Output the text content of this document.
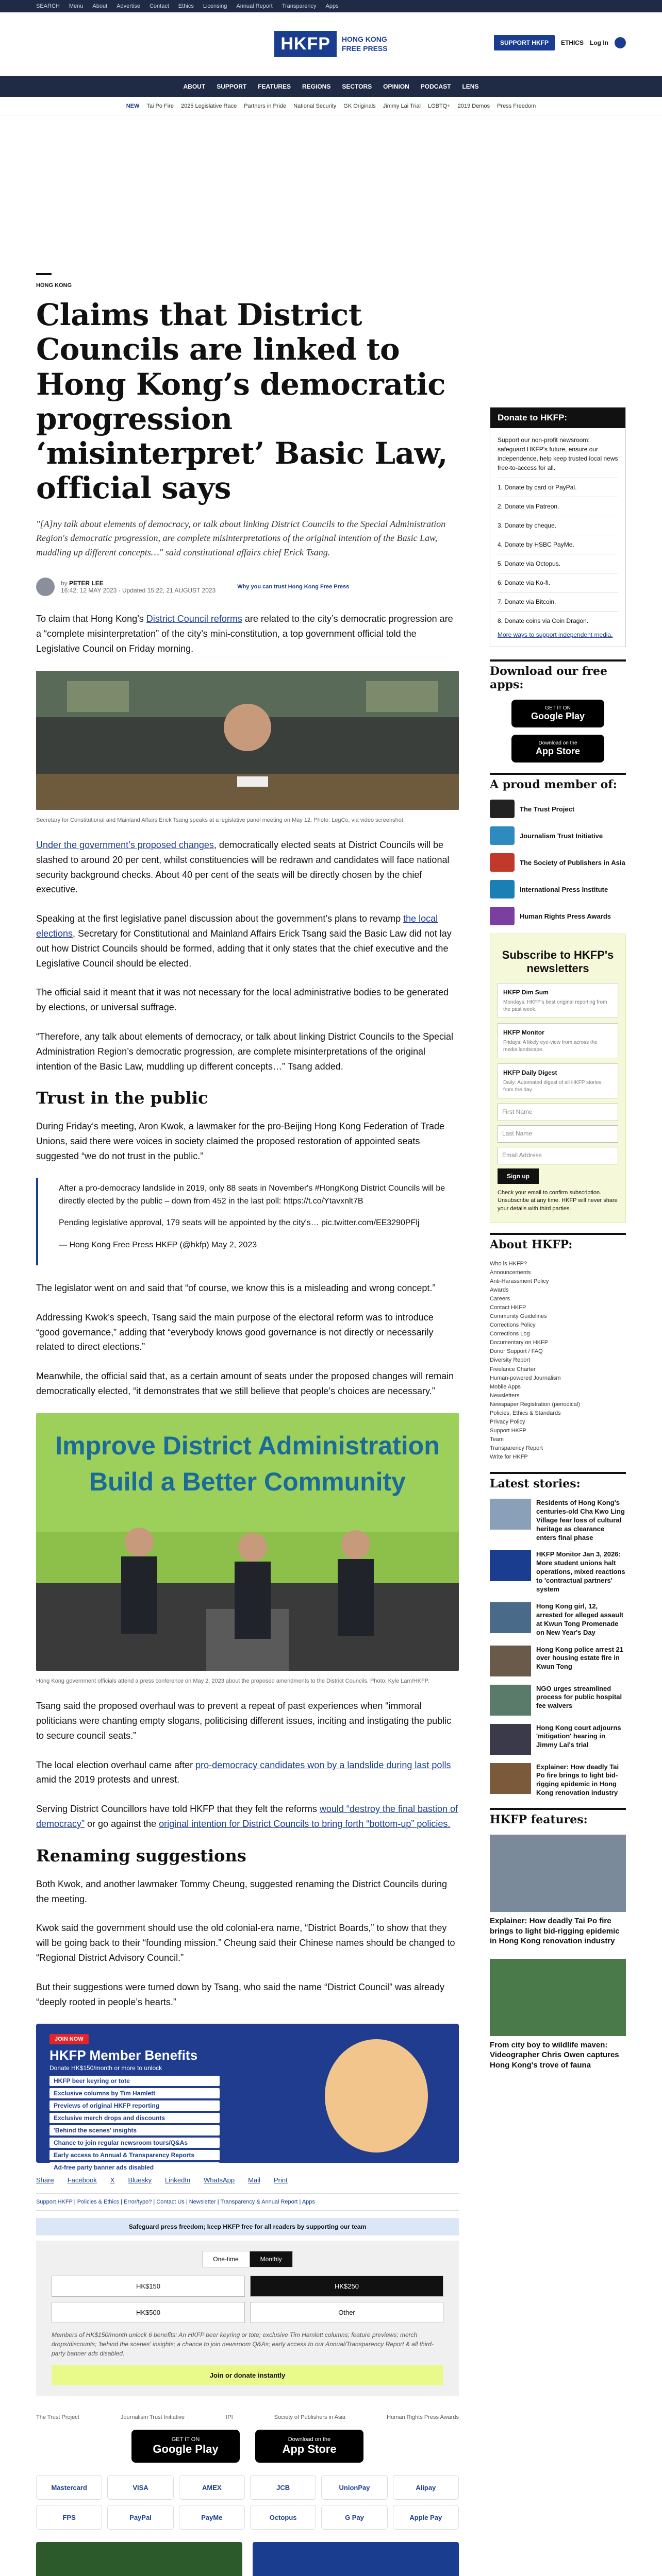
SEARCH Menu About Advertise Contact Ethics Licensing Annual Report Transparency Apps
HKFP	HONG KONG
FREE PRESS
SUPPORT HKFP	ETHICS Log In
ABOUT SUPPORT FEATURES REGIONS SECTORS OPINION PODCAST LENS
NEW Tai Po Fire 2025 Legislative Race Partners in Pride National Security GK Originals Jimmy Lai Trial LGBTQ+ 2019 Demos Press Freedom
HONG KONG
Claims that District Councils are linked to Hong Kong’s democratic progression ‘misinterpret’ Basic Law, official says

"[A]ny talk about elements of democracy, or talk about linking District Councils to the Special Administration Region's democratic progression, are complete misinterpretations of the original intention of the Basic Law, muddling up different concepts…" said constitutional affairs chief Erick Tsang.

by PETER LEE
16:42, 12 MAY 2023 · Updated 15:22, 21 AUGUST 2023	Why you can trust Hong Kong Free Press

To claim that Hong Kong’s District Council reforms are related to the city’s democratic progression are a “complete misinterpretation” of the city’s mini-constitution, a top government official told the Legislative Council on Friday morning.

Secretary for Constitutional and Mainland Affairs Erick Tsang speaks at a legislative panel meeting on May 12. Photo: LegCo, via video screenshot.

Under the government’s proposed changes, democratically elected seats at District Councils will be slashed to around 20 per cent, whilst constituencies will be redrawn and candidates will face national security background checks. About 40 per cent of the seats will be directly chosen by the chief executive.

Speaking at the first legislative panel discussion about the government’s plans to revamp the local elections, Secretary for Constitutional and Mainland Affairs Erick Tsang said the Basic Law did not lay out how District Councils should be formed, adding that it only states that the chief executive and the Legislative Council should be elected.

The official said it meant that it was not necessary for the local administrative bodies to be generated by elections, or universal suffrage.

“Therefore, any talk about elements of democracy, or talk about linking District Councils to the Special Administration Region’s democratic progression, are complete misinterpretations of the original intention of the Basic Law, muddling up different concepts…” Tsang added.

Trust in the public

During Friday’s meeting, Aron Kwok, a lawmaker for the pro-Beijing Hong Kong Federation of Trade Unions, said there were voices in society claimed the proposed restoration of appointed seats suggested “we do not trust in the public.”

After a pro-democracy landslide in 2019, only 88 seats in November's #HongKong District Councils will be directly elected by the public – down from 452 in the last poll: https://t.co/Ytavxnlt7B

Pending legislative approval, 179 seats will be appointed by the city's… pic.twitter.com/EE3290PFlj

— Hong Kong Free Press HKFP (@hkfp) May 2, 2023

The legislator went on and said that “of course, we know this is a misleading and wrong concept.”

Addressing Kwok’s speech, Tsang said the main purpose of the electoral reform was to introduce “good governance,” adding that “everybody knows good governance is not directly or necessarily related to direct elections.”

Meanwhile, the official said that, as a certain amount of seats under the proposed changes will remain democratically elected, “it demonstrates that we still believe that people’s choices are necessary.”

Improve District Administration
Build a Better Community
Hong Kong government officials attend a press conference on May 2, 2023 about the proposed amendments to the District Councils. Photo: Kyle Lam/HKFP.

Tsang said the proposed overhaul was to prevent a repeat of past experiences when “immoral politicians were chanting empty slogans, politicising different issues, inciting and instigating the public to secure council seats.”

The local election overhaul came after pro-democracy candidates won by a landslide during last polls amid the 2019 protests and unrest.

Serving District Councillors have told HKFP that they felt the reforms would “destroy the final bastion of democracy” or go against the original intention for District Councils to bring forth “bottom-up” policies.

Renaming suggestions

Both Kwok, and another lawmaker Tommy Cheung, suggested renaming the District Councils during the meeting.

Kwok said the government should use the old colonial-era name, “District Boards,” to show that they will be going back to their “founding mission.” Cheung said their Chinese names should be changed to “Regional District Advisory Council.”

But their suggestions were turned down by Tsang, who said the name “District Council” was already “deeply rooted in people’s hearts.”

JOIN NOW
HKFP Member Benefits
Donate HK$150/month or more to unlock
HKFP beer keyring or tote
Exclusive columns by Tim Hamlett
Previews of original HKFP reporting
Exclusive merch drops and discounts
'Behind the scenes' insights
Chance to join regular newsroom tours/Q&As
Early access to Annual & Transparency Reports
Ad-free party banner ads disabled
Share Facebook X Bluesky LinkedIn WhatsApp Mail Print
Support HKFP | Policies & Ethics | Error/typo? | Contact Us | Newsletter | Transparency & Annual Report | Apps
Safeguard press freedom; keep HKFP free for all readers by supporting our team
One-time	Monthly
HK$150	HK$250
HK$500	Other

Members of HK$150/month unlock 6 benefits: An HKFP beer keyring or tote; exclusive Tim Hamlett columns; feature previews; merch drops/discounts; 'behind the scenes' insights; a chance to join newsroom Q&As; early access to our Annual/Transparency Report & all third-party banner ads disabled.

Join or donate instantly
The Trust Project	Journalism Trust Initiative	IPI	Society of Publishers in Asia	Human Rights Press Awards
GET IT ON
Google Play
Download on the
App Store
Mastercard	VISA	AMEX	JCB	UnionPay	Alipay
FPS	PayPal	PayMe	Octopus	G Pay	Apple Pay
Donate to HKFP:

Support our non-profit newsroom: safeguard HKFP's future, ensure our independence, help keep trusted local news free-to-access for all.

1. Donate by card or PayPal.
2. Donate via Patreon.
3. Donate by cheque.
4. Donate by HSBC PayMe.
5. Donate via Octopus.
6. Donate via Ko-fi.
7. Donate via Bitcoin.
8. Donate coins via Coin Dragon.
More ways to support independent media.
Download our free apps:
GET IT ON
Google Play
Download on the
App Store
A proud member of:
The Trust Project
Journalism Trust Initiative
The Society of Publishers in Asia
International Press Institute
Human Rights Press Awards
Subscribe to HKFP's newsletters
HKFP Dim Sum
Mondays: HKFP's best original reporting from the past week.
HKFP Monitor
Fridays: A likely eye-view from across the media landscape.
HKFP Daily Digest
Daily: Automated digest of all HKFP stories from the day.
First Name
Last Name
Email Address
Sign up

Check your email to confirm subscription. Unsubscribe at any time. HKFP will never share your details with third parties.

About HKFP:
Who is HKFP?
Announcements
Anti-Harassment Policy
Awards
Careers
Contact HKFP
Community Guidelines
Corrections Policy
Corrections Log
Documentary on HKFP
Donor Support / FAQ
Diversity Report
Freelance Charter
Human-powered Journalism
Mobile Apps
Newsletters
Newspaper Registration (periodical)
Policies, Ethics & Standards
Privacy Policy
Support HKFP
Team
Transparency Report
Write for HKFP
Latest stories:
Residents of Hong Kong's centuries-old Cha Kwo Ling Village fear loss of cultural heritage as clearance enters final phase
HKFP Monitor Jan 3, 2026: More student unions halt operations, mixed reactions to 'contractual partners' system
Hong Kong girl, 12, arrested for alleged assault at Kwun Tong Promenade on New Year's Day
Hong Kong police arrest 21 over housing estate fire in Kwun Tong
NGO urges streamlined process for public hospital fee waivers
Hong Kong court adjourns 'mitigation' hearing in Jimmy Lai's trial
Explainer: How deadly Tai Po fire brings to light bid-rigging epidemic in Hong Kong renovation industry
HKFP features:
Explainer: How deadly Tai Po fire brings to light bid-rigging epidemic in Hong Kong renovation industry
From city boy to wildlife maven: Videographer Chris Owen captures Hong Kong's trove of fauna
